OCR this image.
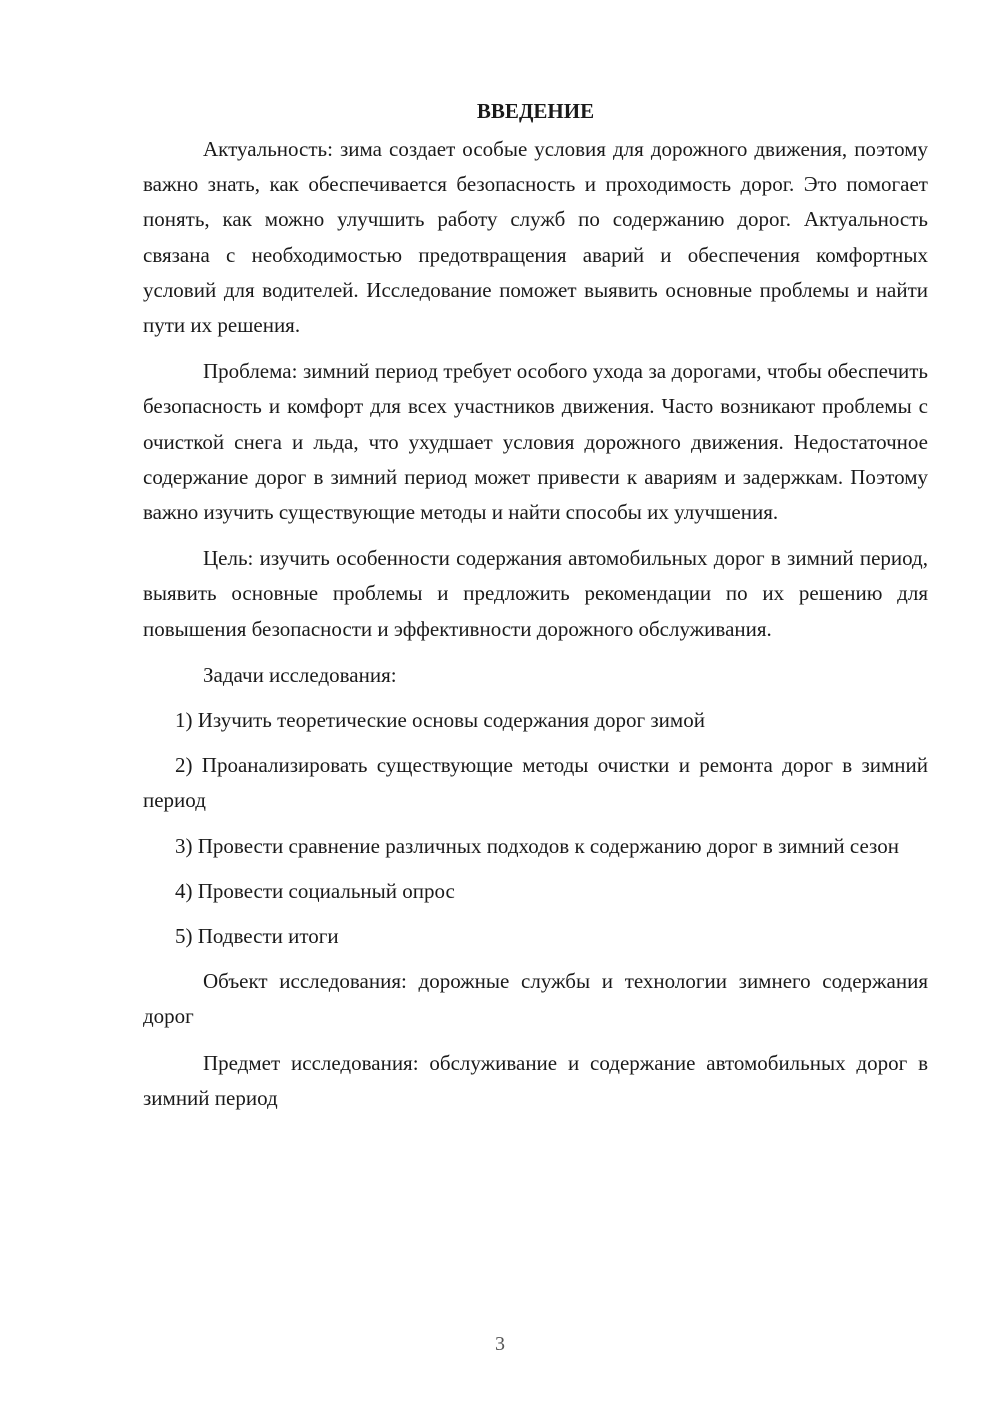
ВВЕДЕНИЕ

Актуальность: зима создает особые условия для дорожного движения, поэтому важно знать, как обеспечивается безопасность и проходимость дорог. Это помогает понять, как можно улучшить работу служб по содержанию дорог. Актуальность связана с необходимостью предотвращения аварий и обеспечения комфортных условий для водителей. Исследование поможет выявить основные проблемы и найти пути их решения.

Проблема: зимний период требует особого ухода за дорогами, чтобы обеспечить безопасность и комфорт для всех участников движения. Часто возникают проблемы с очисткой снега и льда, что ухудшает условия дорожного движения. Недостаточное содержание дорог в зимний период может привести к авариям и задержкам. Поэтому важно изучить существующие методы и найти способы их улучшения.

Цель: изучить особенности содержания автомобильных дорог в зимний период, выявить основные проблемы и предложить рекомендации по их решению для повышения безопасности и эффективности дорожного обслуживания.

Задачи исследования:

1) Изучить теоретические основы содержания дорог зимой

2) Проанализировать существующие методы очистки и ремонта дорог в зимний период

3) Провести сравнение различных подходов к содержанию дорог в зимний сезон

4) Провести социальный опрос

5) Подвести итоги

Объект исследования: дорожные службы и технологии зимнего содержания дорог

Предмет исследования: обслуживание и содержание автомобильных дорог в зимний период

3
